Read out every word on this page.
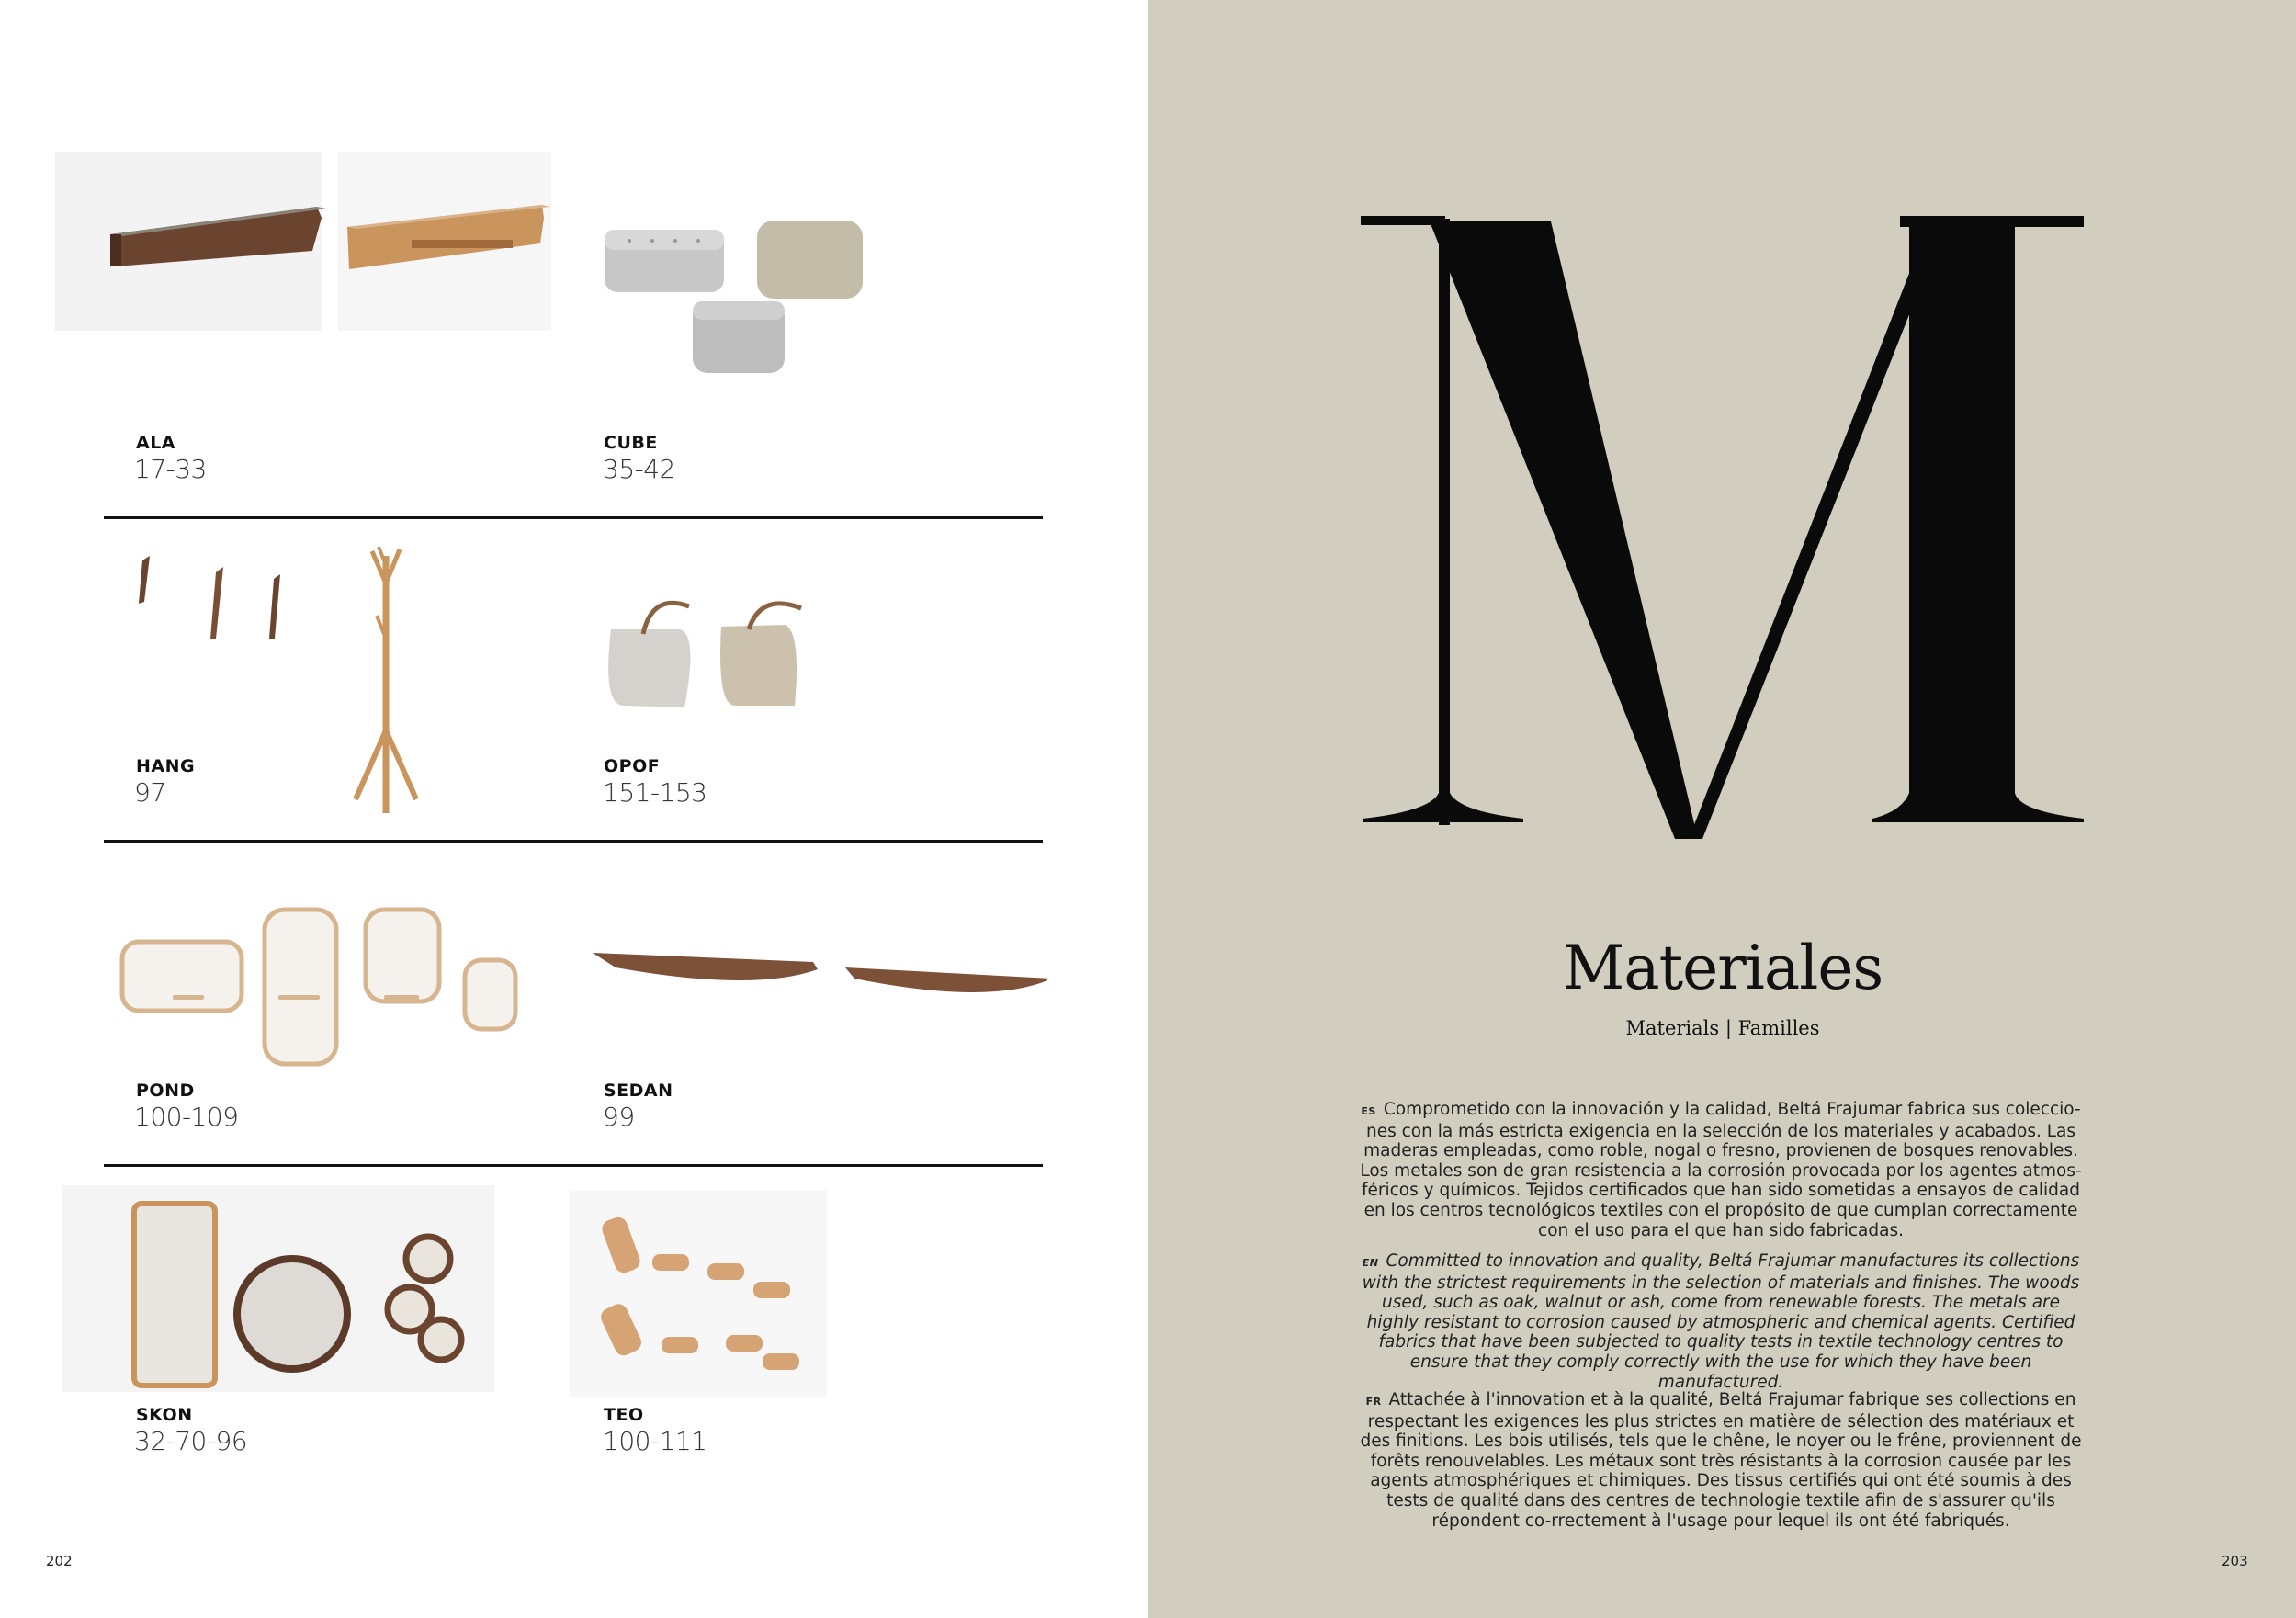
ALA
17-33
CUBE
35-42
HANG
97
OPOF
151-153
POND
100-109
SEDAN
99
SKON
32-70-96
TEO
100-111
202
Materiales
Materials | Familles
ES Comprometido con la innovación y la calidad, Beltá Frajumar fabrica sus coleccio-nes con la más estricta exigencia en la selección de los materiales y acabados. Las maderas empleadas, como roble, nogal o fresno, provienen de bosques renovables. Los metales son de gran resistencia a la corrosión provocada por los agentes atmos-féricos y químicos. Tejidos certificados que han sido sometidas a ensayos de calidad en los centros tecnológicos textiles con el propósito de que cumplan correctamente con el uso para el que han sido fabricadas.
EN Committed to innovation and quality, Beltá Frajumar manufactures its collections with the strictest requirements in the selection of materials and finishes. The woods used, such as oak, walnut or ash, come from renewable forests. The metals are highly resistant to corrosion caused by atmospheric and chemical agents. Certified fabrics that have been subjected to quality tests in textile technology centres to ensure that they comply correctly with the use for which they have been manufactured.
FR Attachée à l'innovation et à la qualité, Beltá Frajumar fabrique ses collections en respectant les exigences les plus strictes en matière de sélection des matériaux et des finitions. Les bois utilisés, tels que le chêne, le noyer ou le frêne, proviennent de forêts renouvelables. Les métaux sont très résistants à la corrosion causée par les agents atmosphériques et chimiques. Des tissus certifiés qui ont été soumis à des tests de qualité dans des centres de technologie textile afin de s'assurer qu'ils répondent co-rrectement à l'usage pour lequel ils ont été fabriqués.
203
